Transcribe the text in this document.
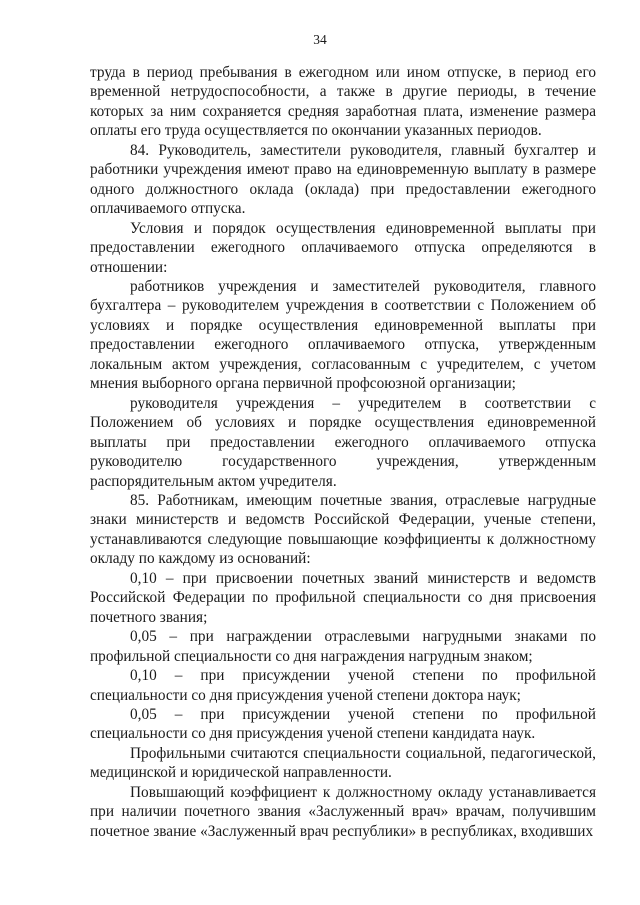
34

труда в период пребывания в ежегодном или ином отпуске, в период его временной нетрудоспособности, а также в другие периоды, в течение которых за ним сохраняется средняя заработная плата, изменение размера оплаты его труда осуществляется по окончании указанных периодов.

84. Руководитель, заместители руководителя, главный бухгалтер и работники учреждения имеют право на единовременную выплату в размере одного должностного оклада (оклада) при предоставлении ежегодного оплачиваемого отпуска.

Условия и порядок осуществления единовременной выплаты при предоставлении ежегодного оплачиваемого отпуска определяются в отношении:

работников учреждения и заместителей руководителя, главного бухгалтера – руководителем учреждения в соответствии с Положением об условиях и порядке осуществления единовременной выплаты при предоставлении ежегодного оплачиваемого отпуска, утвержденным локальным актом учреждения, согласованным с учредителем, с учетом мнения выборного органа первичной профсоюзной организации;

руководителя учреждения – учредителем в соответствии с Положением об условиях и порядке осуществления единовременной выплаты при предоставлении ежегодного оплачиваемого отпуска руководителю государственного учреждения, утвержденным распорядительным актом учредителя.

85. Работникам, имеющим почетные звания, отраслевые нагрудные знаки министерств и ведомств Российской Федерации, ученые степени, устанавливаются следующие повышающие коэффициенты к должностному окладу по каждому из оснований:

0,10 – при присвоении почетных званий министерств и ведомств Российской Федерации по профильной специальности со дня присвоения почетного звания;

0,05 – при награждении отраслевыми нагрудными знаками по профильной специальности со дня награждения нагрудным знаком;

0,10 – при присуждении ученой степени по профильной специальности со дня присуждения ученой степени доктора наук;

0,05 – при присуждении ученой степени по профильной специальности со дня присуждения ученой степени кандидата наук.

Профильными считаются специальности социальной, педагогической, медицинской и юридической направленности.

Повышающий коэффициент к должностному окладу устанавливается при наличии почетного звания «Заслуженный врач» врачам, получившим почетное звание «Заслуженный врач республики» в республиках, входивших
